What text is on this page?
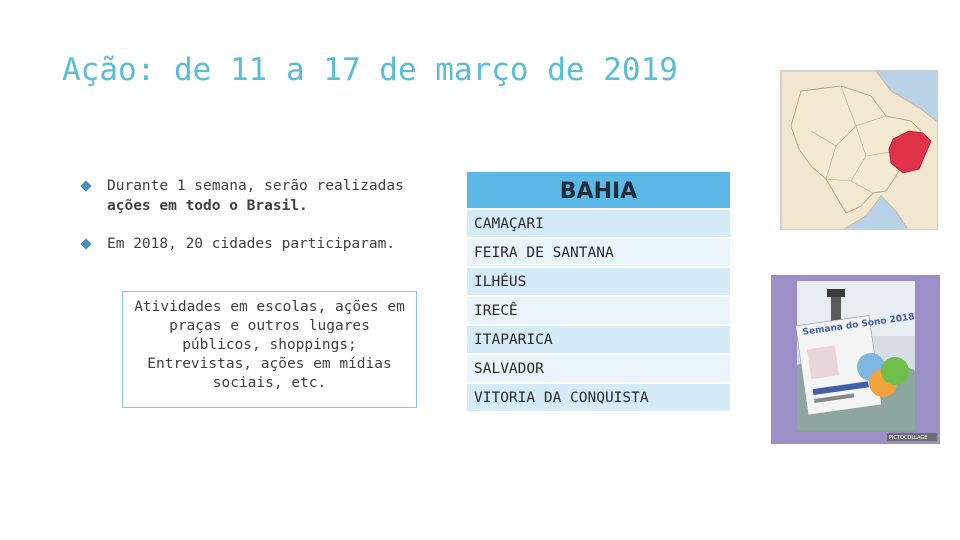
Ação: de 11 a 17 de março de 2019
Durante 1 semana, serão realizadas
ações em todo o Brasil.
Em 2018, 20 cidades participaram.
Atividades em escolas, ações em praças e outros lugares públicos, shoppings; Entrevistas, ações em mídias sociais, etc.
BAHIA
CAMAÇARI
FEIRA DE SANTANA
ILHÉUS
IRECÊ
ITAPARICA
SALVADOR
VITORIA DA CONQUISTA
Semana do Sono 2018
PICTOCOLLAGE
